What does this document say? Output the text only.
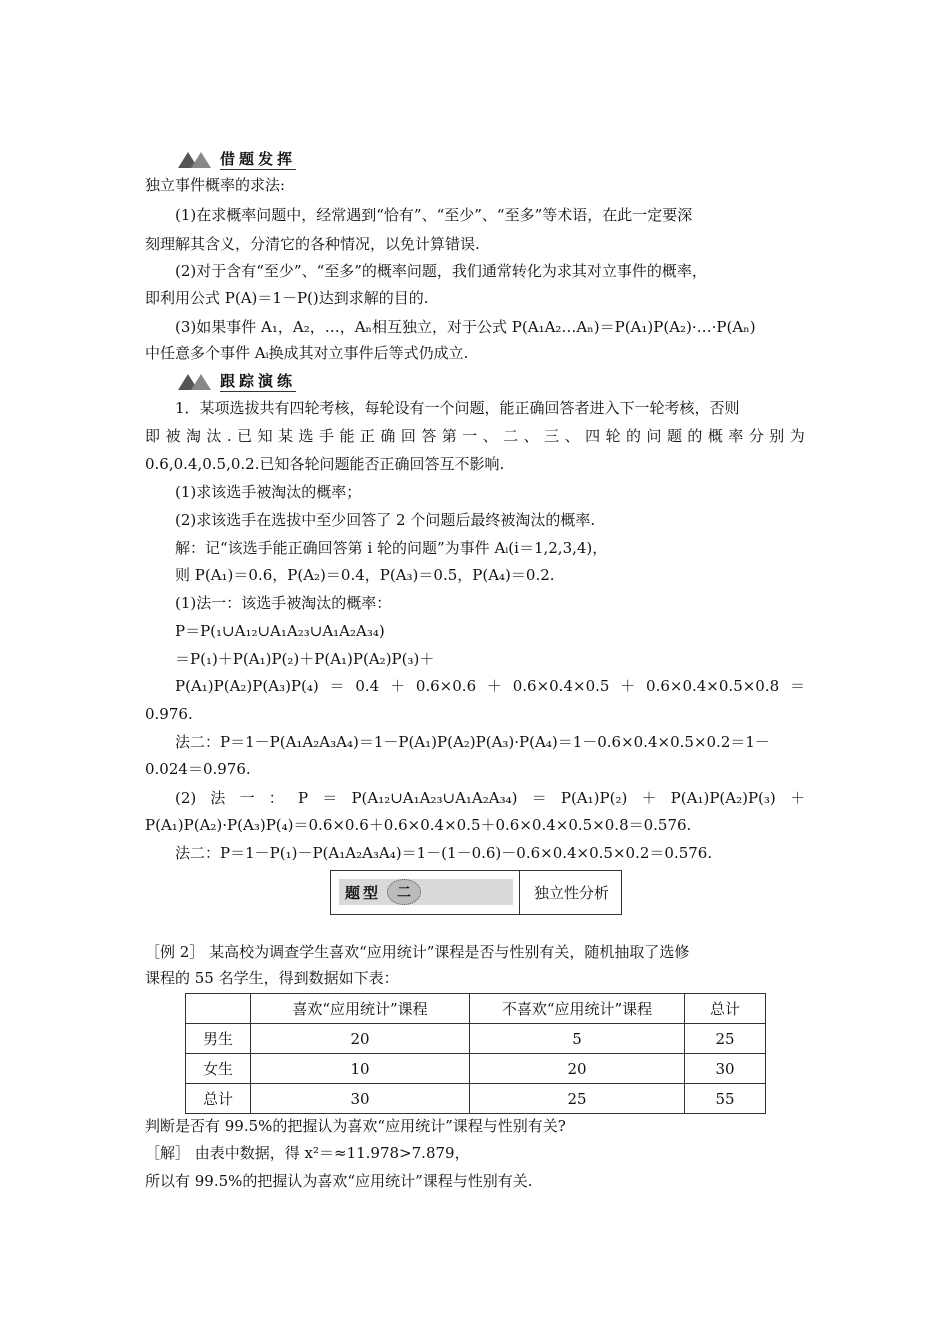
借题发挥
独立事件概率的求法:
(1)在求概率问题中，经常遇到“恰有”、“至少”、“至多”等术语，在此一定要深
刻理解其含义，分清它的各种情况，以免计算错误.
(2)对于含有“至少”、“至多”的概率问题，我们通常转化为求其对立事件的概率，
即利用公式 P(A)＝1－P()达到求解的目的.
(3)如果事件 A₁，A₂，…，Aₙ相互独立，对于公式 P(A₁A₂…Aₙ)＝P(A₁)P(A₂)·…·P(Aₙ)
中任意多个事件 Aᵢ换成其对立事件后等式仍成立.
跟踪演练
1．某项选拔共有四轮考核，每轮设有一个问题，能正确回答者进入下一轮考核，否则
即 被 淘 汰 . 已 知 某 选 手 能 正 确 回 答 第 一 、 二 、 三 、 四 轮 的 问 题 的 概 率 分 别 为
0.6,0.4,0.5,0.2.已知各轮问题能否正确回答互不影响.
(1)求该选手被淘汰的概率；
(2)求该选手在选拔中至少回答了 2 个问题后最终被淘汰的概率.
解：记“该选手能正确回答第 i 轮的问题”为事件 Aᵢ(i＝1,2,3,4)，
则 P(A₁)＝0.6，P(A₂)＝0.4，P(A₃)＝0.5，P(A₄)＝0.2.
(1)法一：该选手被淘汰的概率：
P＝P(₁∪A₁₂∪A₁A₂₃∪A₁A₂A₃₄)
＝P(₁)＋P(A₁)P(₂)＋P(A₁)P(A₂)P(₃)＋
P(A₁)P(A₂)P(A₃)P(₄) ＝ 0.4 ＋ 0.6×0.6 ＋ 0.6×0.4×0.5 ＋ 0.6×0.4×0.5×0.8 ＝
0.976.
法二：P＝1－P(A₁A₂A₃A₄)＝1－P(A₁)P(A₂)P(A₃)·P(A₄)＝1－0.6×0.4×0.5×0.2＝1－
0.024＝0.976.
(2) 法 一 ： P ＝ P(A₁₂∪A₁A₂₃∪A₁A₂A₃₄) ＝ P(A₁)P(₂) ＋ P(A₁)P(A₂)P(₃) ＋
P(A₁)P(A₂)·P(A₃)P(₄)＝0.6×0.6＋0.6×0.4×0.5＋0.6×0.4×0.5×0.8＝0.576.
法二：P＝1－P(₁)－P(A₁A₂A₃A₄)＝1－(1－0.6)－0.6×0.4×0.5×0.2＝0.576.
题型	二	独立性分析
［例 2］ 某高校为调查学生喜欢“应用统计”课程是否与性别有关，随机抽取了选修
课程的 55 名学生，得到数据如下表：
	喜欢“应用统计”课程	不喜欢“应用统计”课程	总计
男生	20	5	25
女生	10	20	30
总计	30	25	55
判断是否有 99.5%的把握认为喜欢“应用统计”课程与性别有关?
［解］ 由表中数据，得 x²＝≈11.978>7.879，
所以有 99.5%的把握认为喜欢“应用统计”课程与性别有关.
